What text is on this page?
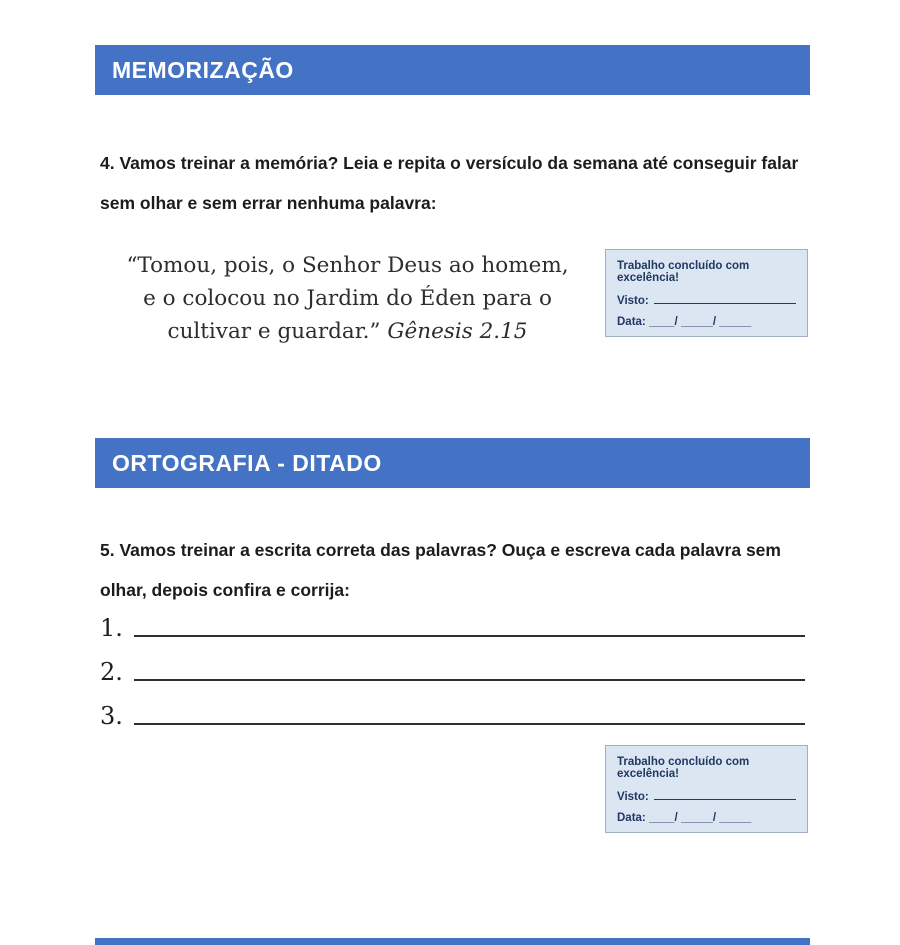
MEMORIZAÇÃO

4. Vamos treinar a memória? Leia e repita o versículo da semana até conseguir falar sem olhar e sem errar nenhuma palavra:

“Tomou, pois, o Senhor Deus ao homem,
e o colocou no Jardim do Éden para o
cultivar e guardar.” Gênesis 2.15
Trabalho concluído com excelência!
Visto:
Data: ____/ _____/ _____
ORTOGRAFIA - DITADO

5. Vamos treinar a escrita correta das palavras? Ouça e escreva cada palavra sem olhar, depois confira e corrija:

1.
2.
3.
Trabalho concluído com excelência!
Visto:
Data: ____/ _____/ _____
